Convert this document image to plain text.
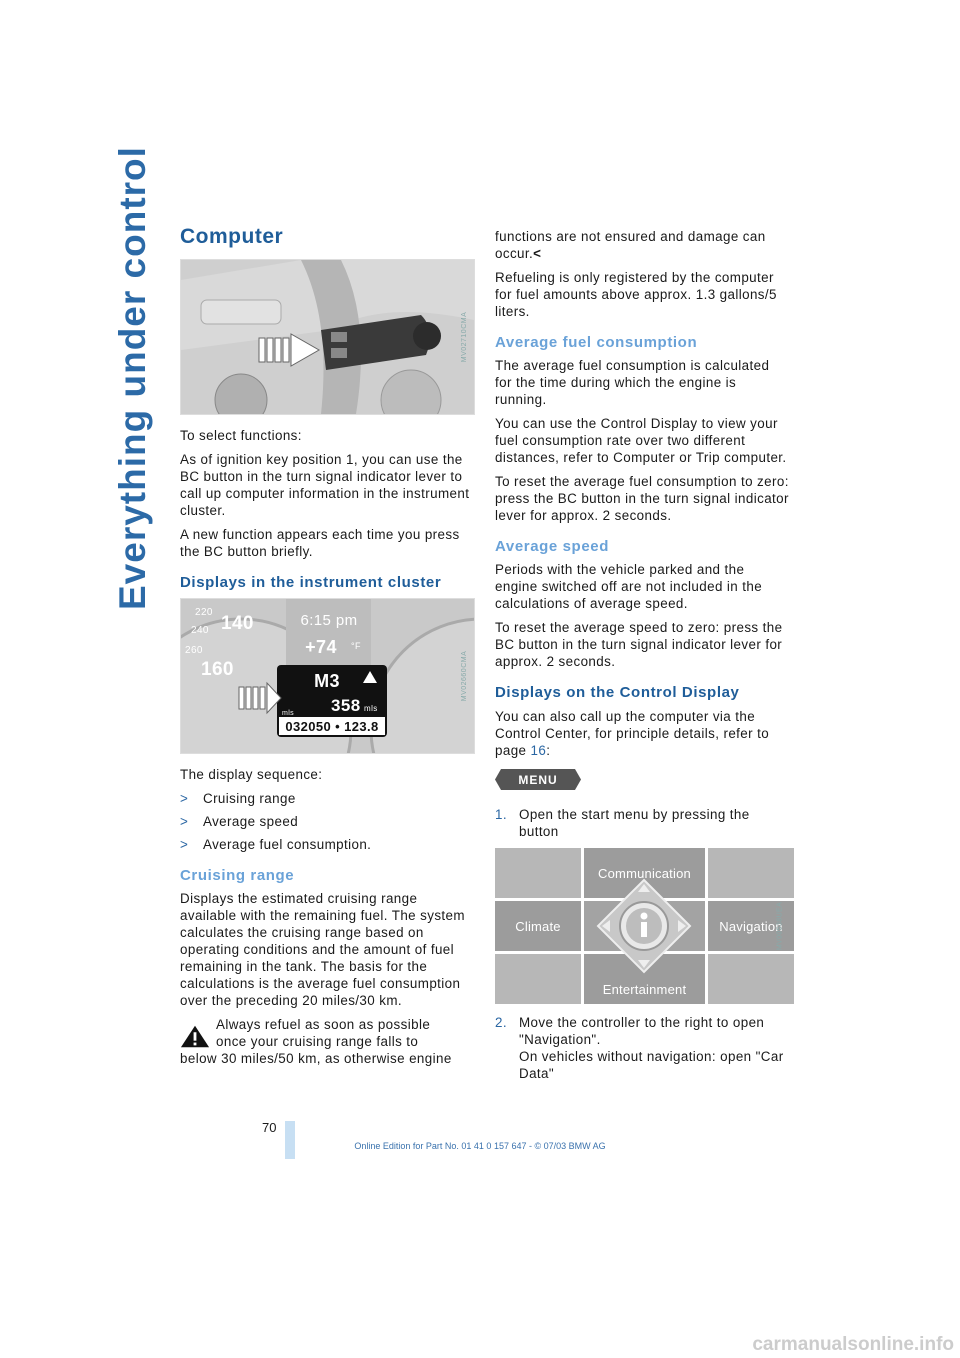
Everything under control Computer
MV02710CMA

To select functions:

As of ignition key position 1, you can use the BC button in the turn signal indicator lever to call up computer information in the instrument cluster.

A new function appears each time you press the BC button briefly.

Displays in the instrument cluster
6:15 pm
+74 °F
140
160
220
240
260
M3
358 mls
mls
032050 • 123.8
MV02660CMA

The display sequence:

> Cruising range

> Average speed

> Average fuel consumption.

Cruising range

Displays the estimated cruising range available with the remaining fuel. The system calculates the cruising range based on operating conditions and the amount of fuel remaining in the tank. The basis for the calculations is the average fuel consumption over the preceding 20 miles/30 km.

Always refuel as soon as possible
once your cruising range falls to
below 30 miles/50 km, as otherwise engine

functions are not ensured and damage can occur.<

Refueling is only registered by the computer for fuel amounts above approx. 1.3 gallons/5 liters.

Average fuel consumption

The average fuel consumption is calculated for the time during which the engine is running.

You can use the Control Display to view your fuel consumption rate over two different distances, refer to Computer or Trip computer.

To reset the average fuel consumption to zero: press the BC button in the turn signal indicator lever for approx. 2 seconds.

Average speed

Periods with the vehicle parked and the engine switched off are not included in the calculations of average speed.

To reset the average speed to zero: press the BC button in the turn signal indicator lever for approx. 2 seconds.

Displays on the Control Display

You can also call up the computer via the Control Center, for principle details, refer to page 16:

MENU

1. Open the start menu by pressing the button

Communication
Climate	Navigation
Entertainment
MV00538UEA

2. Move the controller to the right to open "Navigation".
On vehicles without navigation: open "Car Data"

70
Online Edition for Part No. 01 41 0 157 647 - © 07/03 BMW AG
carmanualsonline.info
